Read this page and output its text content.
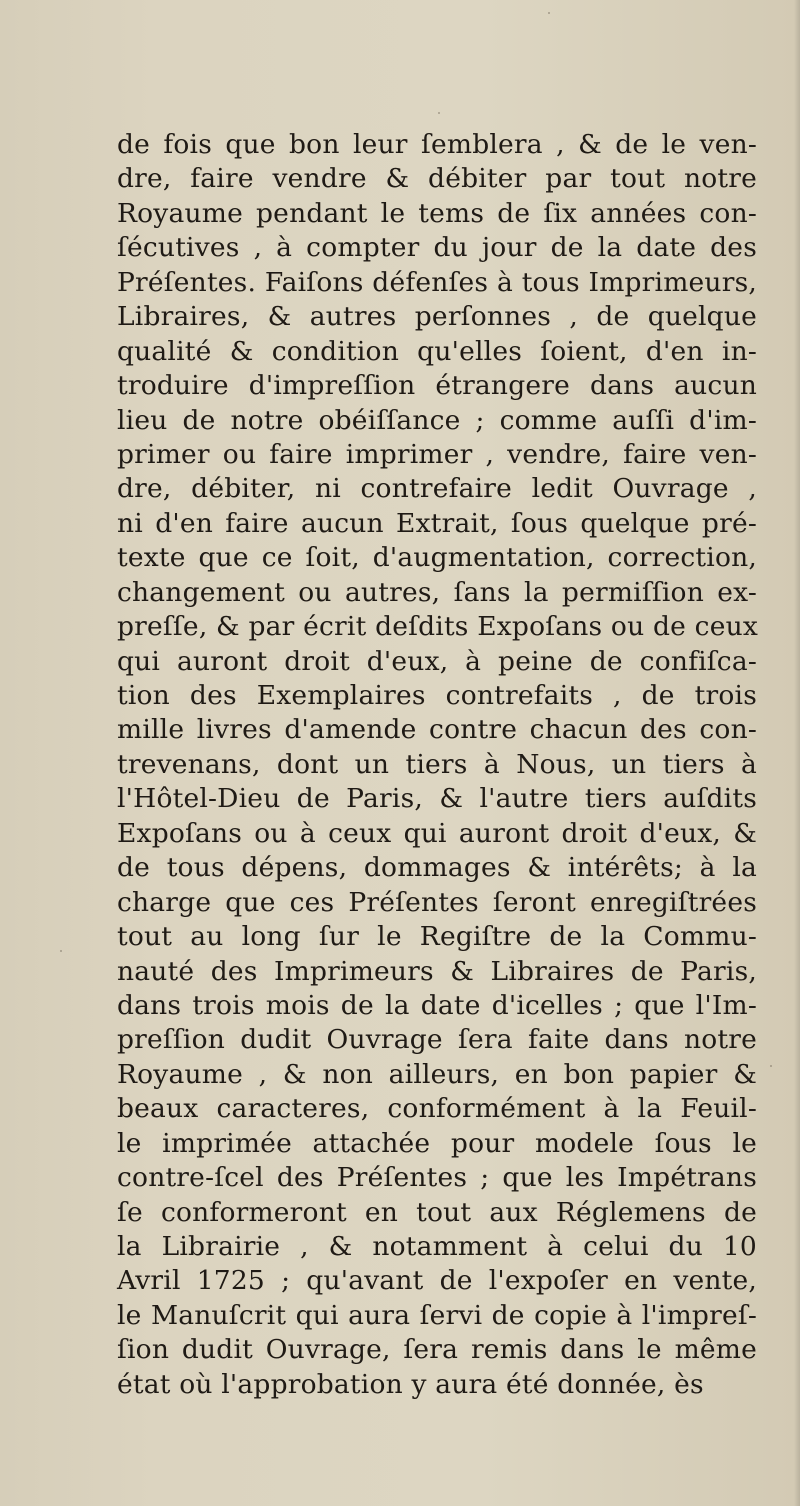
de fois que bon leur ſemblera , & de le ven-
dre, faire vendre & débiter par tout notre
Royaume pendant le tems de ſix années con-
ſécutives , à compter du jour de la date des
Préſentes. Faiſons défenſes à tous Imprimeurs,
Libraires, & autres perſonnes , de quelque
qualité & condition qu'elles ſoient, d'en in-
troduire d'impreſſion étrangere dans aucun
lieu de notre obéiſſance ; comme auſſi d'im-
primer ou faire imprimer , vendre, faire ven-
dre, débiter, ni contrefaire ledit Ouvrage ,
ni d'en faire aucun Extrait, ſous quelque pré-
texte que ce ſoit, d'augmentation, correction,
changement ou autres, ſans la permiſſion ex-
preſſe, & par écrit deſdits Expoſans ou de ceux
qui auront droit d'eux, à peine de confiſca-
tion des Exemplaires contrefaits , de trois
mille livres d'amende contre chacun des con-
trevenans, dont un tiers à Nous, un tiers à
l'Hôtel-Dieu de Paris, & l'autre tiers auſdits
Expoſans ou à ceux qui auront droit d'eux, &
de tous dépens, dommages & intérêts; à la
charge que ces Préſentes ſeront enregiſtrées
tout au long ſur le Regiſtre de la Commu-
nauté des Imprimeurs & Libraires de Paris,
dans trois mois de la date d'icelles ; que l'Im-
preſſion dudit Ouvrage ſera faite dans notre
Royaume , & non ailleurs, en bon papier &
beaux caracteres, conformément à la Feuil-
le imprimée attachée pour modele ſous le
contre-ſcel des Préſentes ; que les Impétrans
ſe conformeront en tout aux Réglemens de
la Librairie , & notamment à celui du 10
Avril 1725 ; qu'avant de l'expoſer en vente,
le Manuſcrit qui aura ſervi de copie à l'impreſ-
ſion dudit Ouvrage, ſera remis dans le même
état où l'approbation y aura été donnée, ès
